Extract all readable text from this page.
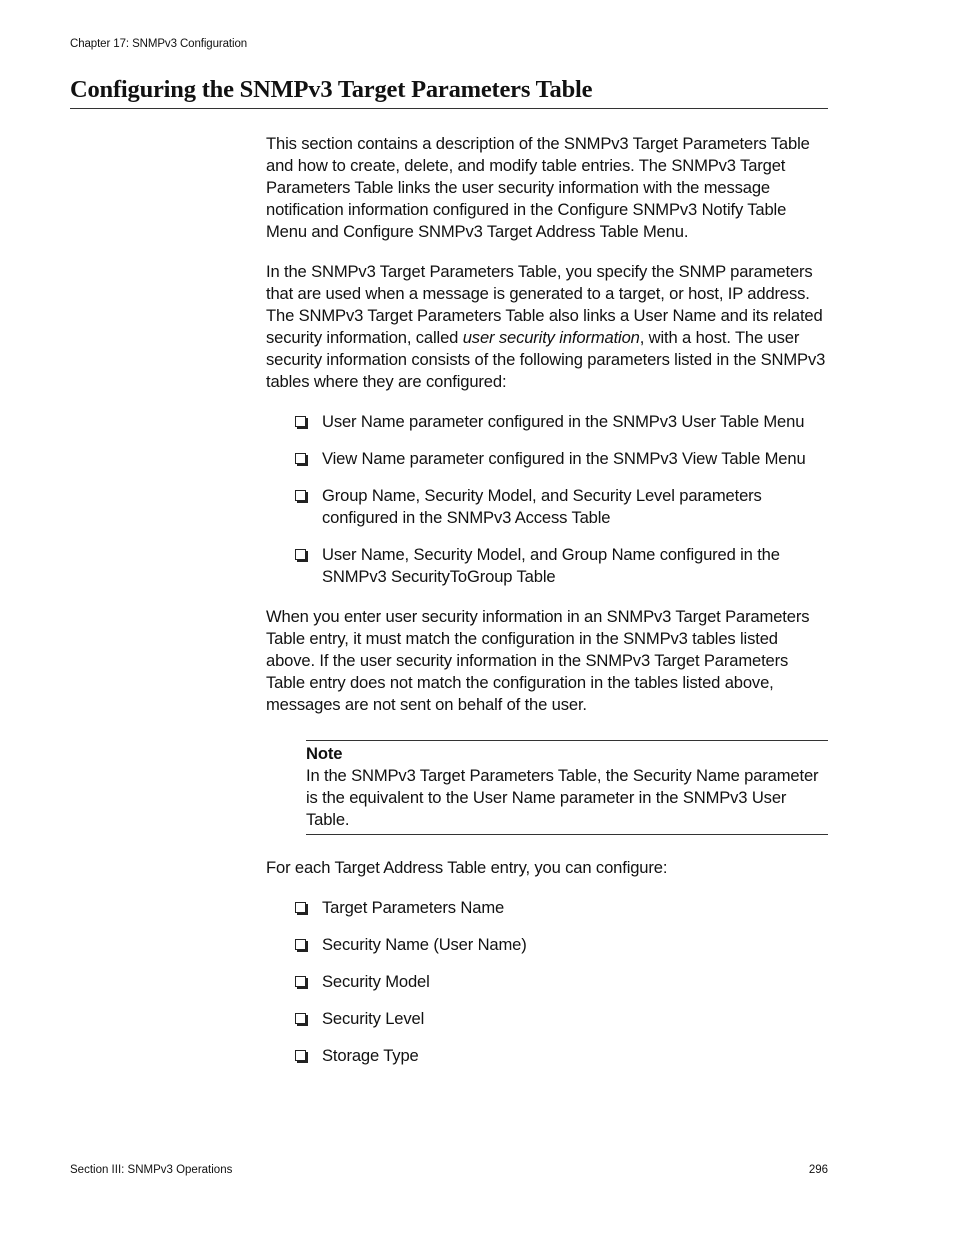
Chapter 17: SNMPv3 Configuration
Configuring the SNMPv3 Target Parameters Table

This section contains a description of the SNMPv3 Target Parameters Table and how to create, delete, and modify table entries. The SNMPv3 Target Parameters Table links the user security information with the message notification information configured in the Configure SNMPv3 Notify Table Menu and Configure SNMPv3 Target Address Table Menu.

In the SNMPv3 Target Parameters Table, you specify the SNMP parameters that are used when a message is generated to a target, or host, IP address. The SNMPv3 Target Parameters Table also links a User Name and its related security information, called user security information, with a host. The user security information consists of the following parameters listed in the SNMPv3 tables where they are configured:

User Name parameter configured in the SNMPv3 User Table Menu
View Name parameter configured in the SNMPv3 View Table Menu
Group Name, Security Model, and Security Level parameters configured in the SNMPv3 Access Table
User Name, Security Model, and Group Name configured in the SNMPv3 SecurityToGroup Table

When you enter user security information in an SNMPv3 Target Parameters Table entry, it must match the configuration in the SNMPv3 tables listed above. If the user security information in the SNMPv3 Target Parameters Table entry does not match the configuration in the tables listed above, messages are not sent on behalf of the user.

Note
In the SNMPv3 Target Parameters Table, the Security Name parameter is the equivalent to the User Name parameter in the SNMPv3 User Table.

For each Target Address Table entry, you can configure:

Target Parameters Name
Security Name (User Name)
Security Model
Security Level
Storage Type
Section III: SNMPv3 Operations	296
